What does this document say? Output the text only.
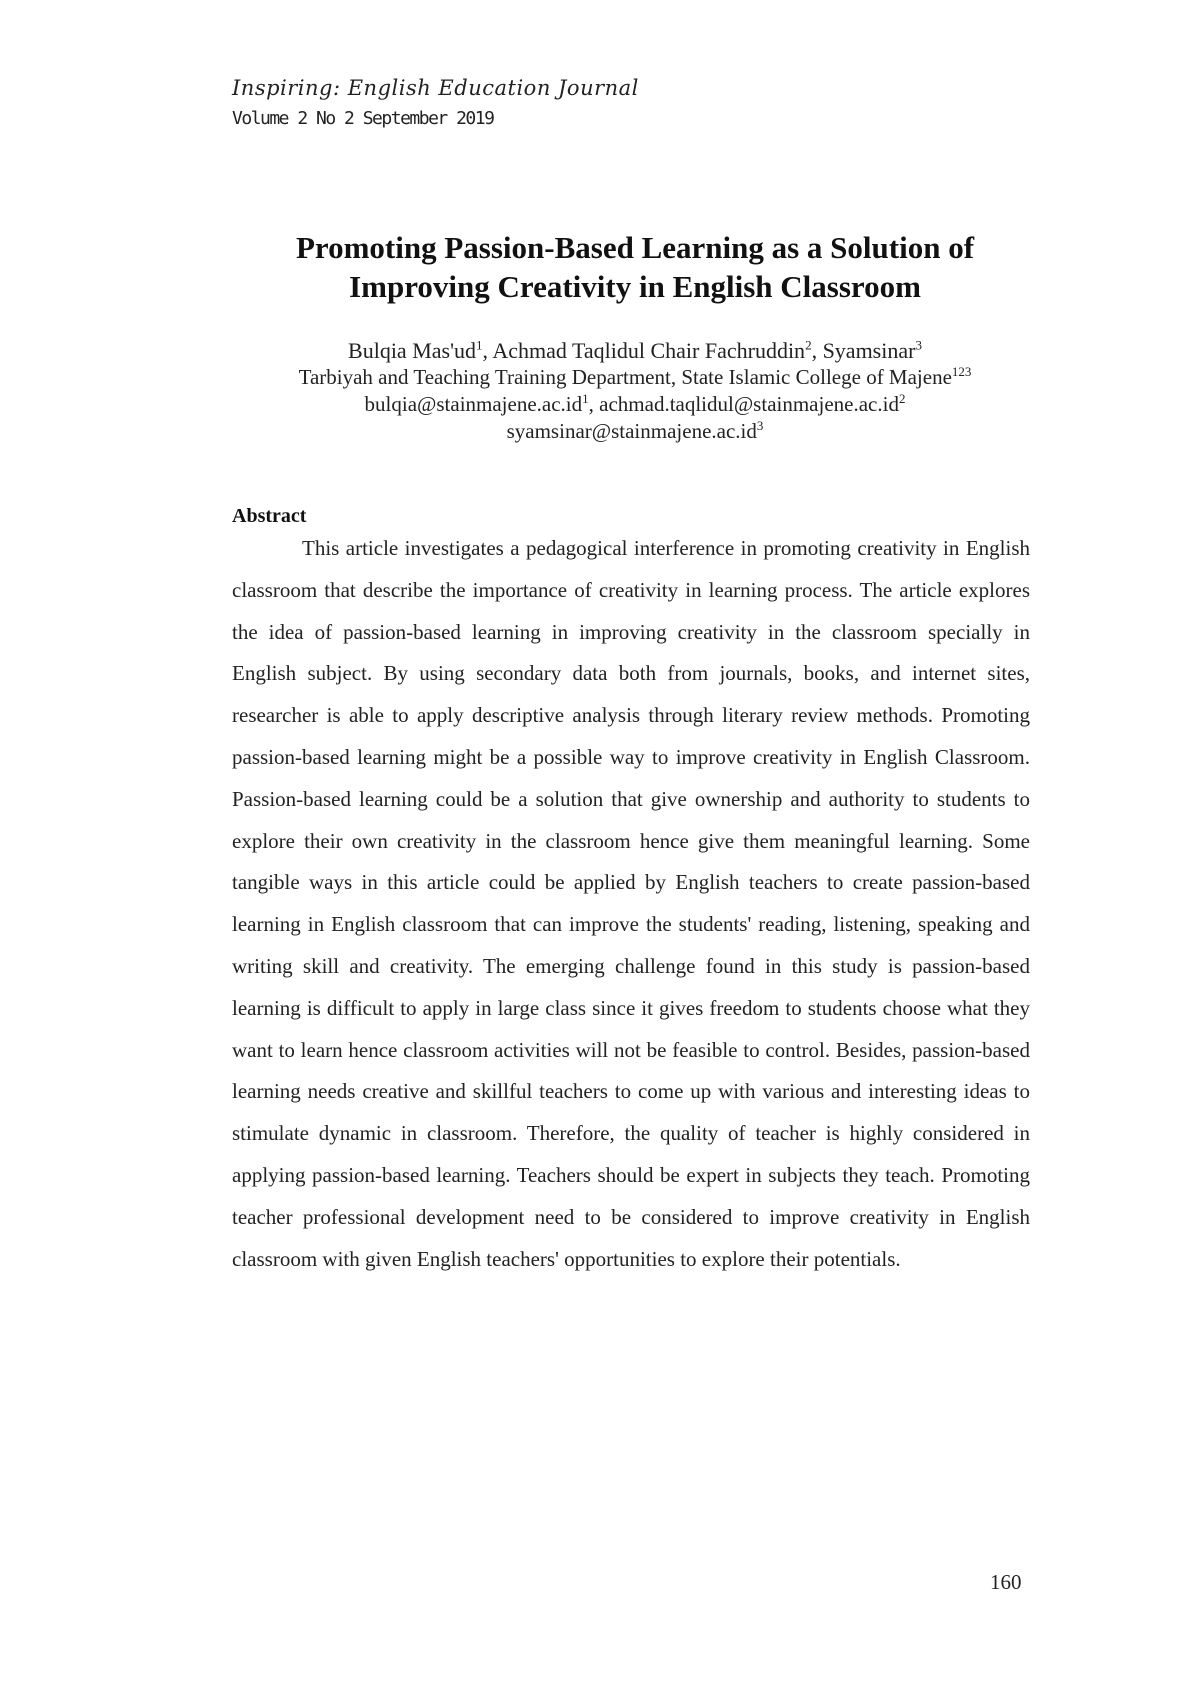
Inspiring: English Education Journal

Volume 2 No 2 September 2019

Promoting Passion-Based Learning as a Solution of
Improving Creativity in English Classroom
Bulqia $Mas'ud^1$, Achmad Taqlidul Chair Fachruddin$^2$, Syamsinar$^3$
Tarbiyah and Teaching Training Department, State Islamic College of Majene$^{123}$
$bulqia@stainmajene.ac.id^1$, $achmad.taqlidul@stainmajene.ac.id^2$
$syamsinar@stainmajene.ac.id^3$

Abstract

This article investigates a pedagogical interference in promoting creativity in English classroom that describe the importance of creativity in learning process. The article explores the idea of passion-based learning in improving creativity in the classroom specially in English subject. By using secondary data both from journals, books, and internet sites, researcher is able to apply descriptive analysis through literary review methods. Promoting passion-based learning might be a possible way to improve creativity in English Classroom. Passion-based learning could be a solution that give ownership and authority to students to explore their own creativity in the classroom hence give them meaningful learning. Some tangible ways in this article could be applied by English teachers to create passion-based learning in English classroom that can improve the students' reading, listening, speaking and writing skill and creativity. The emerging challenge found in this study is passion-based learning is difficult to apply in large class since it gives freedom to students choose what they want to learn hence classroom activities will not be feasible to control. Besides, passion-based learning needs creative and skillful teachers to come up with various and interesting ideas to stimulate dynamic in classroom. Therefore, the quality of teacher is highly considered in applying passion-based learning. Teachers should be expert in subjects they teach. Promoting teacher professional development need to be considered to improve creativity in English classroom with given English teachers' opportunities to explore their potentials.

160
